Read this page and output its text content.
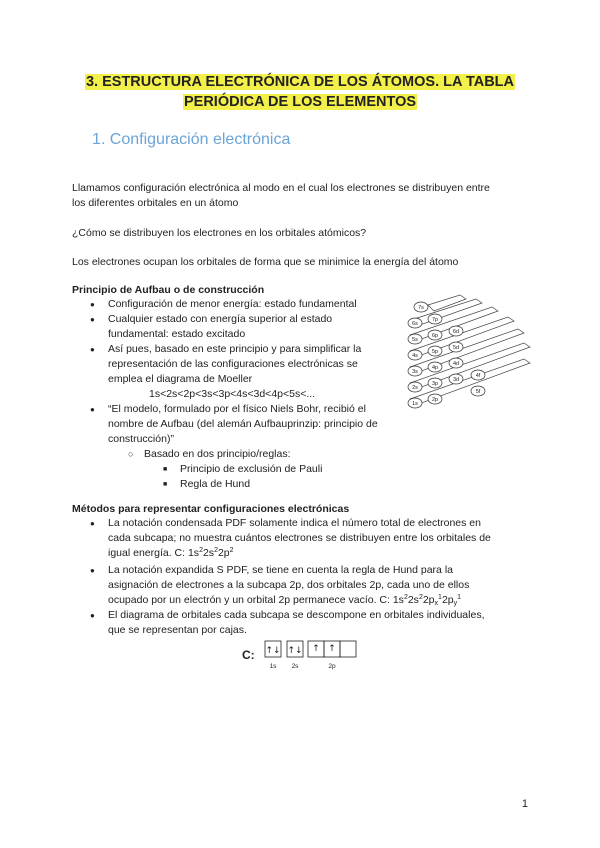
3. ESTRUCTURA ELECTRÓNICA DE LOS ÁTOMOS. LA TABLA
PERIÓDICA DE LOS ELEMENTOS
1. Configuración electrónica
Llamamos configuración electrónica al modo en el cual los electrones se distribuyen entre
los diferentes orbitales en un átomo
¿Cómo se distribuyen los electrones en los orbitales atómicos?
Los electrones ocupan los orbitales de forma que se minimice la energía del átomo
Principio de Aufbau o de construcción
● Configuración de menor energía: estado fundamental
● Cualquier estado con energía superior al estado
fundamental: estado excitado
● Así pues, basado en este principio y para simplificar la
representación de las configuraciones electrónicas se
emplea el diagrama de Moeller
1s<2s<2p<3s<3p<4s<3d<4p<5s<...
● “El modelo, formulado por el físico Niels Bohr, recibió el
nombre de Aufbau (del alemán Aufbauprinzip: principio de
construcción)”
○ Basado en dos principio/reglas:
■ Principio de exclusión de Pauli
■ Regla de Hund
7s
6s
7p
5s
6p
6d
4s
5p
5d
3s
4p
4d
2s
3p
3d
4f
1s
2p
5f
Métodos para representar configuraciones electrónicas
● La notación condensada PDF solamente indica el número total de electrones en
cada subcapa; no muestra cuántos electrones se distribuyen entre los orbitales de
igual energía. C: $1s^22s^22p^2$
● La notación expandida S PDF, se tiene en cuenta la regla de Hund para la
asignación de electrones a la subcapa 2p, dos orbitales 2p, cada uno de ellos
ocupado por un electrón y un orbital 2p permanece vacío. C: $1s^22s^22p_x^12p_y^1$
● El diagrama de orbitales cada subcapa se descompone en orbitales individuales,
que se representan por cajas.
C: ↑↓ ↑↓ ↑ ↑
1s 2s	2p
1
